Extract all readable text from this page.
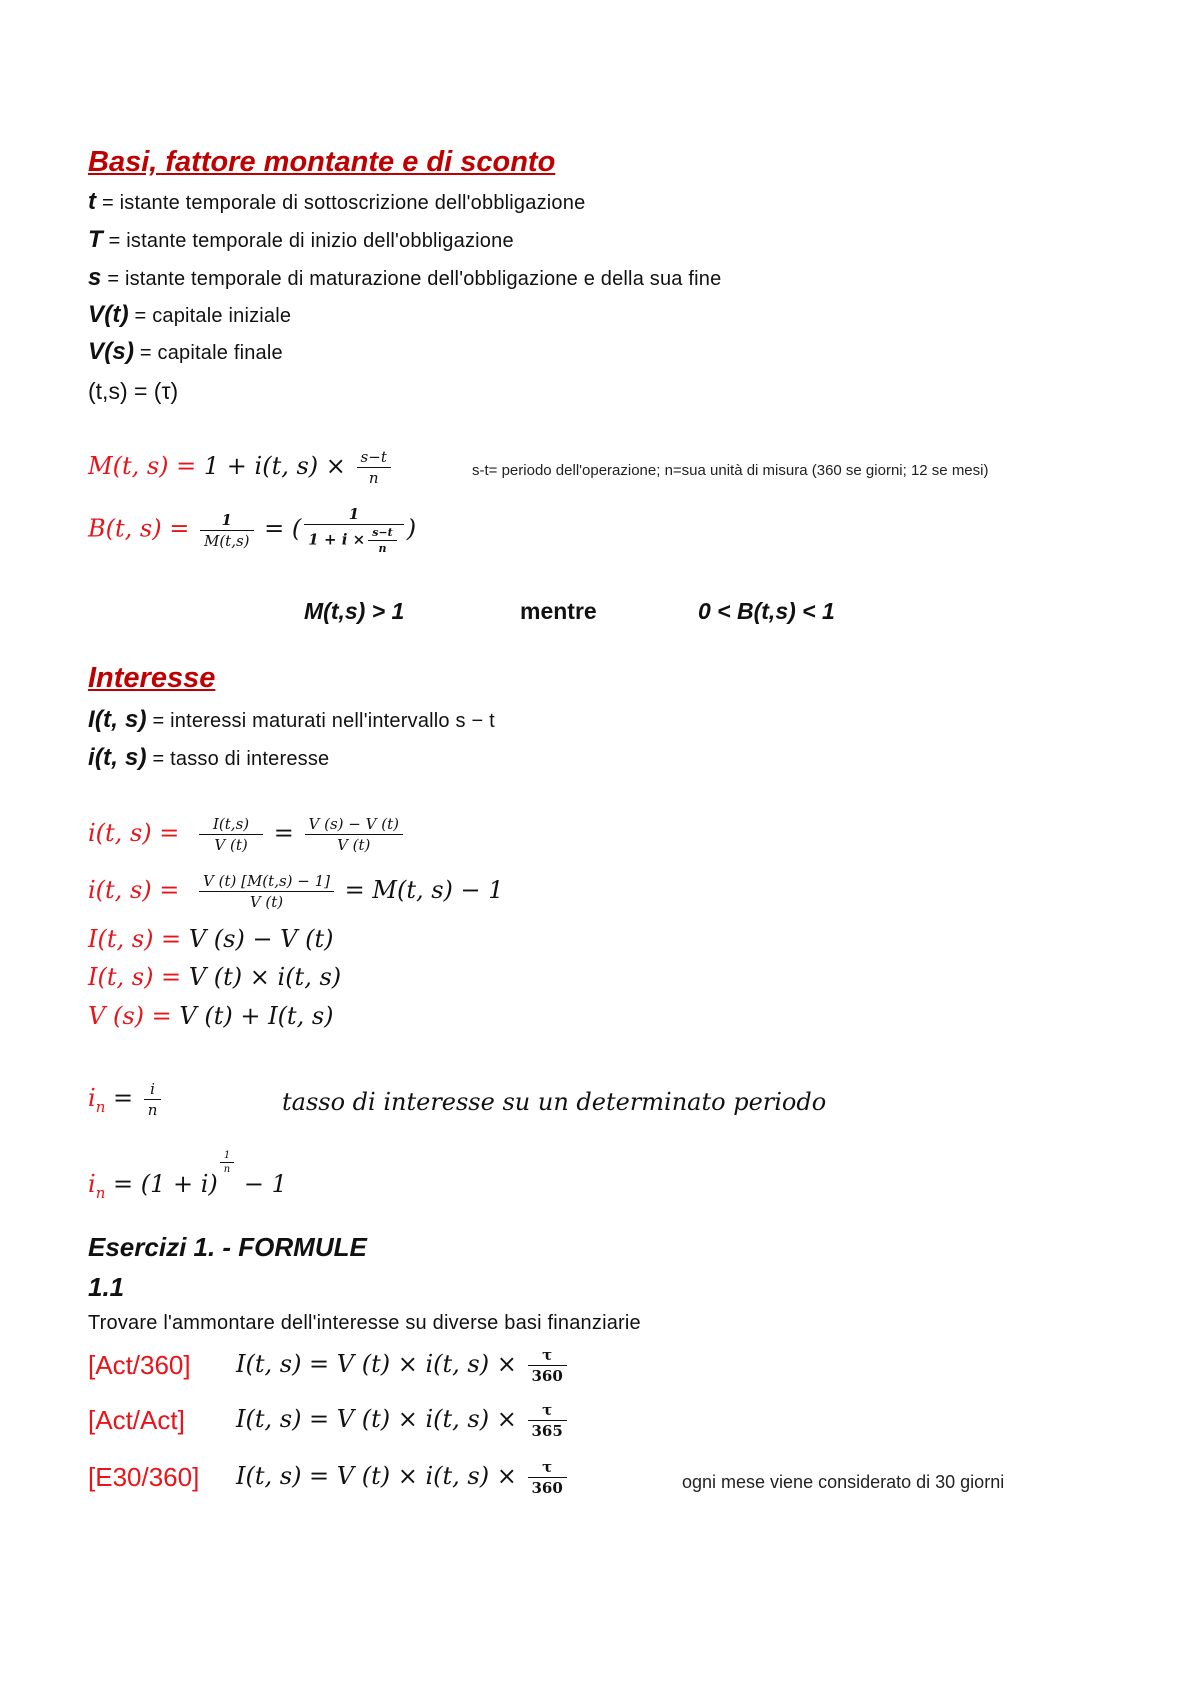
Basi, fattore montante e di sconto
t = istante temporale di sottoscrizione dell'obbligazione
T = istante temporale di inizio dell'obbligazione
s = istante temporale di maturazione dell'obbligazione e della sua fine
V(t) = capitale iniziale
V(s) = capitale finale
(t,s) = (τ)
M(t, s) = 1 + i(t, $s) \times \frac{s-t}{n}$	s-t= periodo dell'operazione; n=sua unità di misura (360 se giorni; 12 se mesi)
B(t, $s) = \frac{1}{M(t,s)}$ = ( $\frac{1}{1 + i \times \frac{s-t}{n}}$ )
M(t,s) > 1	mentre	0 < B(t,s) < 1
Interesse
I(t, s) = interessi maturati nell'intervallo s − t
i(t, s) = tasso di interesse
i(t, $s) = \frac{I(t,s)}{V (t)} = \frac{V (s) - V (t)}{V (t)}$
i(t, $s) = \frac{V (t) [M(t,s) - 1]}{V (t)} = M(t$, s) − 1
I(t, s) = V (s) − V (t)
I(t, s) = V (t) × i(t, s)
V (s) = V (t) + I(t, s)
$i_n = \frac{i}{n}$	tasso di interesse su un determinato periodo
$i_n = (1 + i)$
$\frac{1}{n}$
− 1
Esercizi 1. - FORMULE
1.1
Trovare l'ammontare dell'interesse su diverse basi finanziarie
[Act/360] I(t, s) = V (t) × i(t, $s) \times \frac{\tau}{360}$
[Act/Act] I(t, s) = V (t) × i(t, $s) \times \frac{\tau}{365}$
[E30/360] I(t, s) = V (t) × i(t, $s) \times \frac{\tau}{360}$	ogni mese viene considerato di 30 giorni
